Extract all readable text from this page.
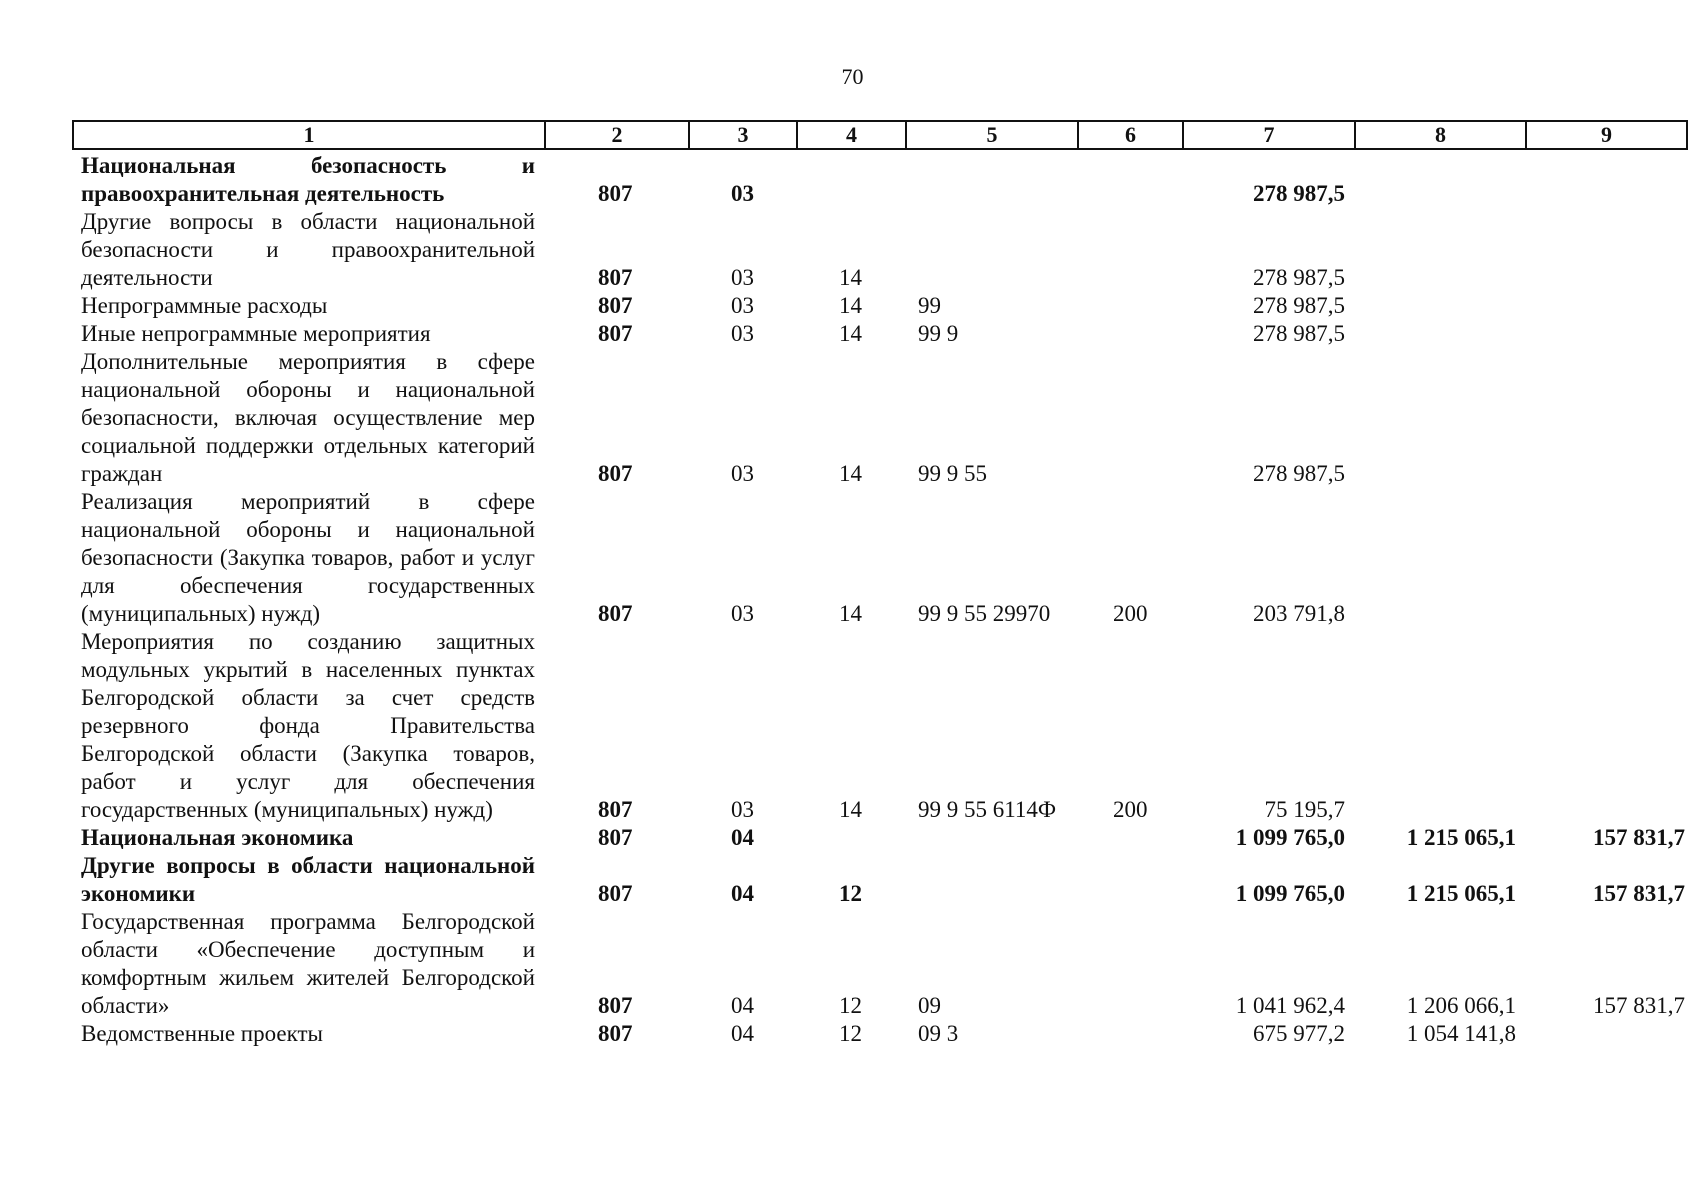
70
1	2	3	4	5	6	7	8	9
Национальная безопасность и правоохранительная деятельность	807	03				278 987,5		
Другие вопросы в области национальной безопасности и правоохранительной деятельности	807	03	14			278 987,5		
Непрограммные расходы	807	03	14	99		278 987,5		
Иные непрограммные мероприятия	807	03	14	99 9		278 987,5		
Дополнительные мероприятия в сфере национальной обороны и национальной безопасности, включая осуществление мер социальной поддержки отдельных категорий граждан	807	03	14	99 9 55		278 987,5		
Реализация мероприятий в сфере национальной обороны и национальной безопасности (Закупка товаров, работ и услуг для обеспечения государственных (муниципальных) нужд)	807	03	14	99 9 55 29970	200	203 791,8		
Мероприятия по созданию защитных модульных укрытий в населенных пунктах Белгородской области за счет средств резервного фонда Правительства Белгородской области (Закупка товаров, работ и услуг для обеспечения государственных (муниципальных) нужд)	807	03	14	99 9 55 6114Ф	200	75 195,7		
Национальная экономика	807	04				1 099 765,0	1 215 065,1	157 831,7
Другие вопросы в области национальной экономики	807	04	12			1 099 765,0	1 215 065,1	157 831,7
Государственная программа Белгородской области «Обеспечение доступным и комфортным жильем жителей Белгородской области»	807	04	12	09		1 041 962,4	1 206 066,1	157 831,7
Ведомственные проекты	807	04	12	09 3		675 977,2	1 054 141,8	
